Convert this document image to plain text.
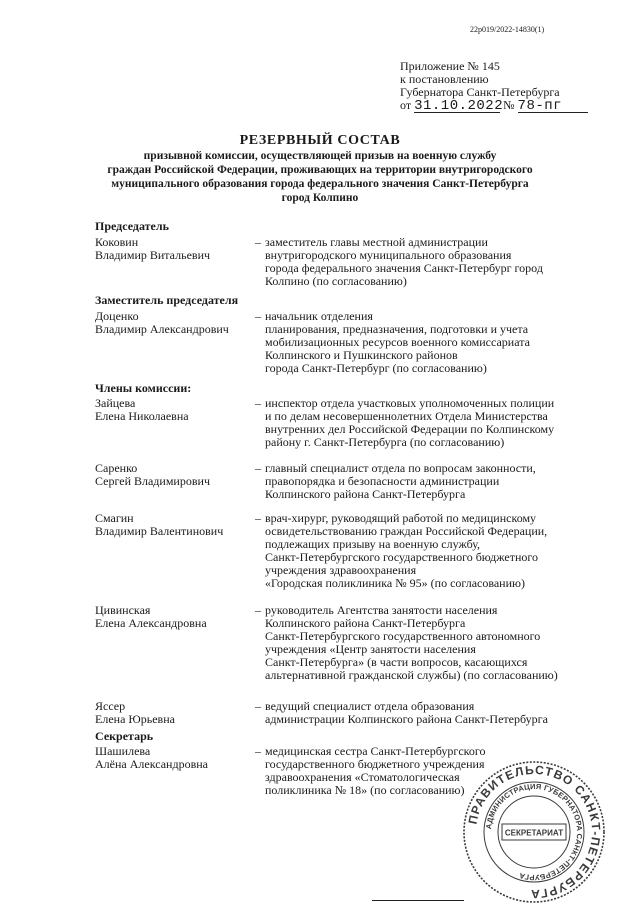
22р019/2022-14830(1)
Приложение № 145
к постановлению
Губернатора Санкт-Петербурга
от 31.10.2022 № 78-пг
РЕЗЕРВНЫЙ СОСТАВ
призывной комиссии, осуществляющей призыв на военную службу
граждан Российской Федерации, проживающих на территории внутригородского
муниципального образования города федерального значения Санкт-Петербурга
город Колпино
Председатель
Коковин
Владимир Витальевич
– заместитель главы местной администрации
внутригородского муниципального образования
города федерального значения Санкт-Петербург город
Колпино (по согласованию)
Заместитель председателя
Доценко
Владимир Александрович
– начальник отделения
планирования, предназначения, подготовки и учета
мобилизационных ресурсов военного комиссариата
Колпинского и Пушкинского районов
города Санкт-Петербург (по согласованию)
Члены комиссии:
Зайцева
Елена Николаевна
– инспектор отдела участковых уполномоченных полиции
и по делам несовершеннолетних Отдела Министерства
внутренних дел Российской Федерации по Колпинскому
району г. Санкт-Петербурга (по согласованию)
Саренко
Сергей Владимирович
– главный специалист отдела по вопросам законности,
правопорядка и безопасности администрации
Колпинского района Санкт-Петербурга
Смагин
Владимир Валентинович
– врач-хирург, руководящий работой по медицинскому
освидетельствованию граждан Российской Федерации,
подлежащих призыву на военную службу,
Санкт-Петербургского государственного бюджетного
учреждения здравоохранения
«Городская поликлиника № 95» (по согласованию)
Цивинская
Елена Александровна
– руководитель Агентства занятости населения
Колпинского района Санкт-Петербурга
Санкт-Петербургского государственного автономного
учреждения «Центр занятости населения
Санкт-Петербурга» (в части вопросов, касающихся
альтернативной гражданской службы) (по согласованию)
Яссер
Елена Юрьевна
– ведущий специалист отдела образования
администрации Колпинского района Санкт-Петербурга
Секретарь
Шашилева
Алёна Александровна
– медицинская сестра Санкт-Петербургского
государственного бюджетного учреждения
здравоохранения «Стоматологическая
поликлиника № 18» (по согласованию)
ПРАВИТЕЛЬСТВО САНКТ-ПЕТЕРБУРГА
АДМИНИСТРАЦИЯ ГУБЕРНАТОРА САНКТ-ПЕТЕРБУРГА
СЕКРЕТАРИАТ
